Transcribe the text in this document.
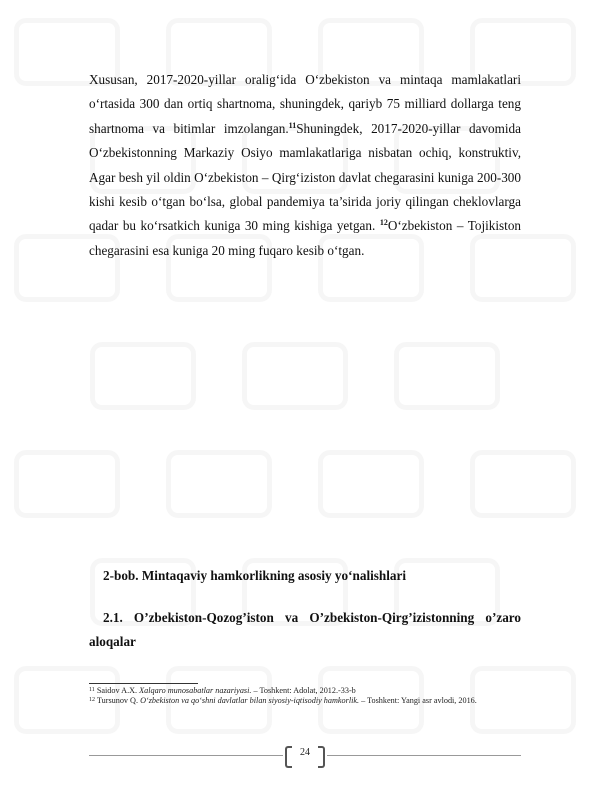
Xususan, 2017-2020-yillar oralig‘ida O‘zbekiston va mintaqa mamlakatlari o‘rtasida 300 dan ortiq shartnoma, shuningdek, qariyb 75 milliard dollarga teng shartnoma va bitimlar imzolangan.$^{11}$Shuningdek, 2017-2020-yillar davomida O‘zbekistonning Markaziy Osiyo mamlakatlariga nisbatan ochiq, konstruktiv, Agar besh yil oldin O‘zbekiston – Qirg‘iziston davlat chegarasini kuniga 200-300 kishi kesib o‘tgan bo‘lsa, global pandemiya ta’sirida joriy qilingan cheklovlarga qadar bu ko‘rsatkich kuniga 30 ming kishiga yetgan. $^{12}$O‘zbekiston – Tojikiston chegarasini esa kuniga 20 ming fuqaro kesib o‘tgan.

2-bob. Mintaqaviy hamkorlikning asosiy yo‘nalishlari
2.1. O’zbekiston-Qozog’iston va O’zbekiston-Qirg’izistonning o’zaro aloqalar

$^{11}$ Saidov A.X. Xalqaro munosabatlar nazariyasi. – Toshkent: Adolat, 2012.-33-b

$^{12}$ Tursunov Q. O‘zbekiston va qo‘shni davlatlar bilan siyosiy-iqtisodiy hamkorlik. – Toshkent: Yangi asr avlodi, 2016.

24
